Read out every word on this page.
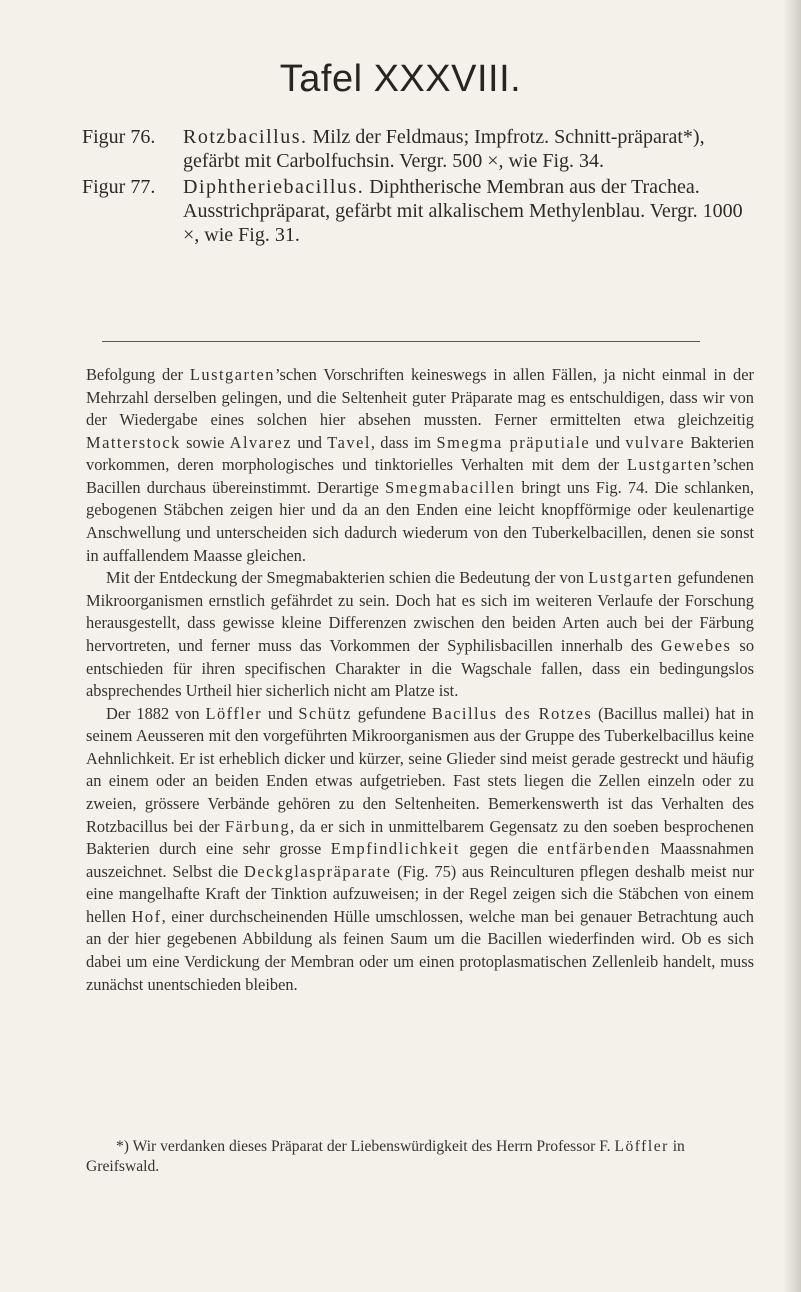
Tafel XXXVIII.
Figur 76. Rotzbacillus. Milz der Feldmaus; Impfrotz. Schnitt-präparat*), gefärbt mit Carbolfuchsin. Vergr. 500 ×, wie Fig. 34.
Figur 77. Diphtheriebacillus. Diphtherische Membran aus der Trachea. Ausstrichpräparat, gefärbt mit alkalischem Methylenblau. Vergr. 1000 ×, wie Fig. 31.

Befolgung der Lustgarten’schen Vorschriften keineswegs in allen Fällen, ja nicht einmal in der Mehrzahl derselben gelingen, und die Seltenheit guter Präparate mag es entschuldigen, dass wir von der Wiedergabe eines solchen hier absehen mussten. Ferner ermittelten etwa gleichzeitig Matterstock sowie Alvarez und Tavel, dass im Smegma präputiale und vulvare Bakterien vorkommen, deren morphologisches und tinktorielles Verhalten mit dem der Lustgarten’schen Bacillen durchaus übereinstimmt. Derartige Smegmabacillen bringt uns Fig. 74. Die schlanken, gebogenen Stäbchen zeigen hier und da an den Enden eine leicht knopfförmige oder keulenartige Anschwellung und unterscheiden sich dadurch wiederum von den Tuberkelbacillen, denen sie sonst in auffallendem Maasse gleichen.

Mit der Entdeckung der Smegmabakterien schien die Bedeutung der von Lustgarten gefundenen Mikroorganismen ernstlich gefährdet zu sein. Doch hat es sich im weiteren Verlaufe der Forschung herausgestellt, dass gewisse kleine Differenzen zwischen den beiden Arten auch bei der Färbung hervortreten, und ferner muss das Vorkommen der Syphilisbacillen innerhalb des Gewebes so entschieden für ihren specifischen Charakter in die Wagschale fallen, dass ein bedingungslos absprechendes Urtheil hier sicherlich nicht am Platze ist.

Der 1882 von Löffler und Schütz gefundene Bacillus des Rotzes (Bacillus mallei) hat in seinem Aeusseren mit den vorgeführten Mikroorganismen aus der Gruppe des Tuberkelbacillus keine Aehnlichkeit. Er ist erheblich dicker und kürzer, seine Glieder sind meist gerade gestreckt und häufig an einem oder an beiden Enden etwas aufgetrieben. Fast stets liegen die Zellen einzeln oder zu zweien, grössere Verbände gehören zu den Seltenheiten. Bemerkenswerth ist das Verhalten des Rotzbacillus bei der Färbung, da er sich in unmittelbarem Gegensatz zu den soeben besprochenen Bakterien durch eine sehr grosse Empfindlichkeit gegen die entfärbenden Maassnahmen auszeichnet. Selbst die Deckglaspräparate (Fig. 75) aus Reinculturen pflegen deshalb meist nur eine mangelhafte Kraft der Tinktion aufzuweisen; in der Regel zeigen sich die Stäbchen von einem hellen Hof, einer durchscheinenden Hülle umschlossen, welche man bei genauer Betrachtung auch an der hier gegebenen Abbildung als feinen Saum um die Bacillen wiederfinden wird. Ob es sich dabei um eine Verdickung der Membran oder um einen protoplasmatischen Zellenleib handelt, muss zunächst unentschieden bleiben.

*) Wir verdanken dieses Präparat der Liebenswürdigkeit des Herrn Professor F. Löffler in Greifswald.
